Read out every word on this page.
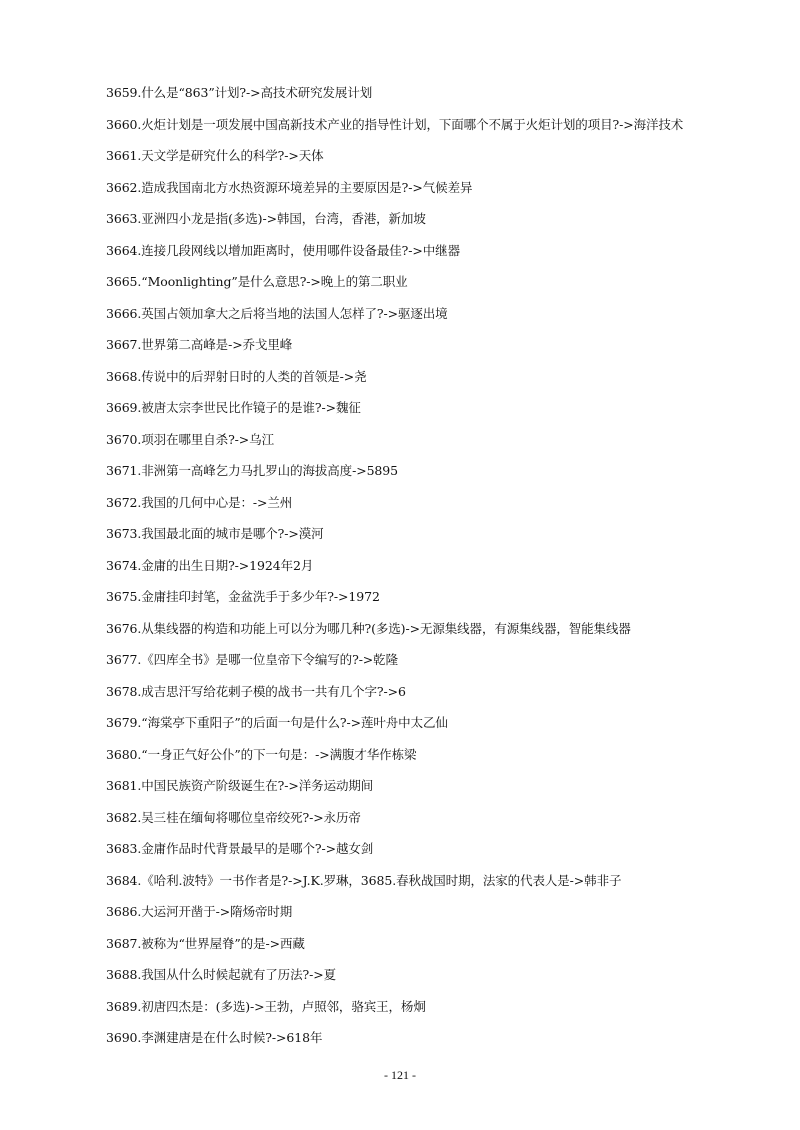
3659.什么是“863”计划?->高技术研究发展计划
3660.火炬计划是一项发展中国高新技术产业的指导性计划，下面哪个不属于火炬计划的项目?->海洋技术
3661.天文学是研究什么的科学?->天体
3662.造成我国南北方水热资源环境差异的主要原因是?->气候差异
3663.亚洲四小龙是指(多选)->韩国，台湾，香港，新加坡
3664.连接几段网线以增加距离时，使用哪件设备最佳?->中继器
3665.“Moonlighting”是什么意思?->晚上的第二职业
3666.英国占领加拿大之后将当地的法国人怎样了?->驱逐出境
3667.世界第二高峰是->乔戈里峰
3668.传说中的后羿射日时的人类的首领是->尧
3669.被唐太宗李世民比作镜子的是谁?->魏征
3670.项羽在哪里自杀?->乌江
3671.非洲第一高峰乞力马扎罗山的海拔高度->5895
3672.我国的几何中心是：->兰州
3673.我国最北面的城市是哪个?->漠河
3674.金庸的出生日期?->1924年2月
3675.金庸挂印封笔，金盆洗手于多少年?->1972
3676.从集线器的构造和功能上可以分为哪几种?(多选)->无源集线器，有源集线器，智能集线器
3677.《四库全书》是哪一位皇帝下令编写的?->乾隆
3678.成吉思汗写给花剌子模的战书一共有几个字?->6
3679.“海棠亭下重阳子”的后面一句是什么?->莲叶舟中太乙仙
3680.“一身正气好公仆”的下一句是：->满腹才华作栋梁
3681.中国民族资产阶级诞生在?->洋务运动期间
3682.吴三桂在缅甸将哪位皇帝绞死?->永历帝
3683.金庸作品时代背景最早的是哪个?->越女剑
3684.《哈利.波特》一书作者是?->J.K.罗琳，3685.春秋战国时期，法家的代表人是->韩非子
3686.大运河开凿于->隋炀帝时期
3687.被称为“世界屋脊”的是->西藏
3688.我国从什么时候起就有了历法?->夏
3689.初唐四杰是：(多选)->王勃，卢照邻，骆宾王，杨炯
3690.李渊建唐是在什么时候?->618年
- 121 -
